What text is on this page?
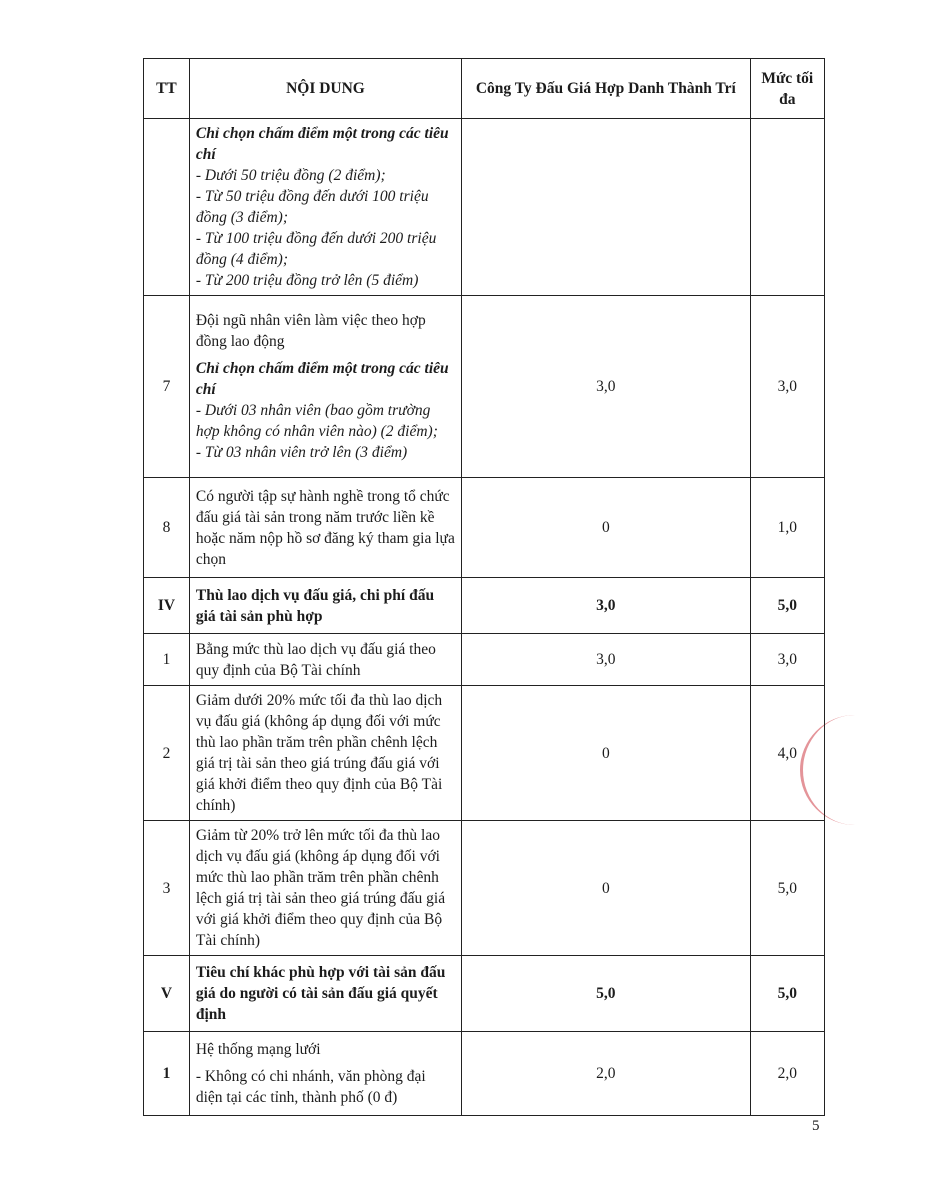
TT	NỘI DUNG	Công Ty Đấu Giá Hợp Danh Thành Trí	Mức tối đa

	Chỉ chọn chấm điểm một trong các tiêu chí

- Dưới 50 triệu đồng (2 điểm);

- Từ 50 triệu đồng đến dưới 100 triệu đồng (3 điểm);

- Từ 100 triệu đồng đến dưới 200 triệu đồng (4 điểm);

- Từ 200 triệu đồng trở lên (5 điểm)		

7	Đội ngũ nhân viên làm việc theo hợp đồng lao động

Chỉ chọn chấm điểm một trong các tiêu chí

- Dưới 03 nhân viên (bao gồm trường hợp không có nhân viên nào) (2 điểm);

- Từ 03 nhân viên trở lên (3 điểm)	3,0	3,0
8	Có người tập sự hành nghề trong tổ chức đấu giá tài sản trong năm trước liền kề hoặc năm nộp hồ sơ đăng ký tham gia lựa chọn	0	1,0
IV	Thù lao dịch vụ đấu giá, chi phí đấu giá tài sản phù hợp	3,0	5,0
1	Bằng mức thù lao dịch vụ đấu giá theo quy định của Bộ Tài chính	3,0	3,0
2	Giảm dưới 20% mức tối đa thù lao dịch vụ đấu giá (không áp dụng đối với mức thù lao phần trăm trên phần chênh lệch giá trị tài sản theo giá trúng đấu giá với giá khởi điểm theo quy định của Bộ Tài chính)	0	4,0
3	Giảm từ 20% trở lên mức tối đa thù lao dịch vụ đấu giá (không áp dụng đối với mức thù lao phần trăm trên phần chênh lệch giá trị tài sản theo giá trúng đấu giá với giá khởi điểm theo quy định của Bộ Tài chính)	0	5,0
V	Tiêu chí khác phù hợp với tài sản đấu giá do người có tài sản đấu giá quyết định	5,0	5,0
1	Hệ thống mạng lưới

- Không có chi nhánh, văn phòng đại diện tại các tỉnh, thành phố (0 đ)	2,0	2,0
5
